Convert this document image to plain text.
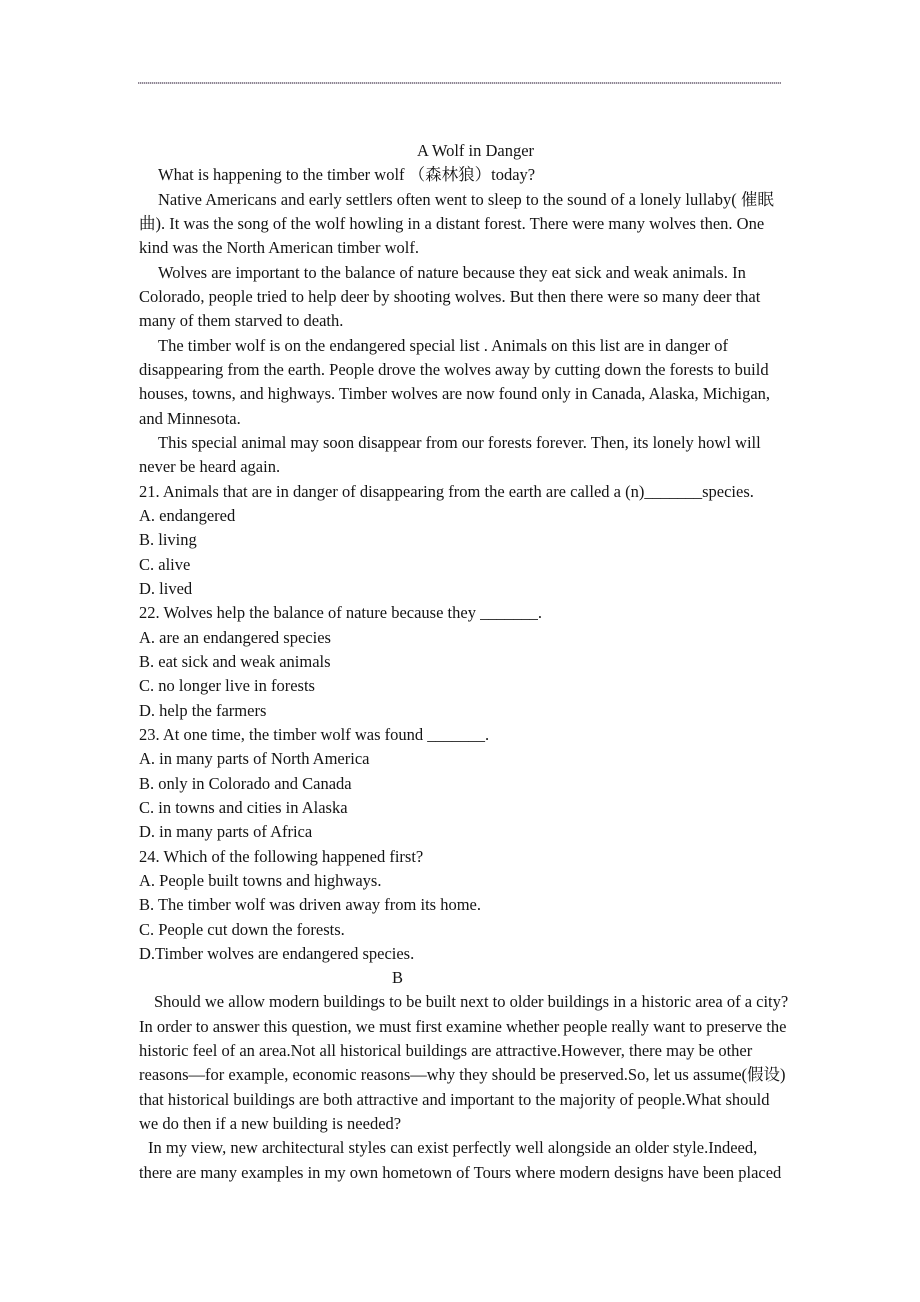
A Wolf in Danger
What is happening to the timber wolf （森林狼）today?
Native Americans and early settlers often went to sleep to the sound of a lonely lullaby( 催眠
曲). It was the song of the wolf howling in a distant forest. There were many wolves then. One
kind was the North American timber wolf.
Wolves are important to the balance of nature because they eat sick and weak animals. In
Colorado, people tried to help deer by shooting wolves. But then there were so many deer that
many of them starved to death.
The timber wolf is on the endangered special list . Animals on this list are in danger of
disappearing from the earth. People drove the wolves away by cutting down the forests to build
houses, towns, and highways. Timber wolves are now found only in Canada, Alaska, Michigan,
and Minnesota.
This special animal may soon disappear from our forests forever. Then, its lonely howl will
never be heard again.
21. Animals that are in danger of disappearing from the earth are called a (n)_______species.
A. endangered
B. living
C. alive
D. lived
22. Wolves help the balance of nature because they _______.
A. are an endangered species
B. eat sick and weak animals
C. no longer live in forests
D. help the farmers
23. At one time, the timber wolf was found _______.
A. in many parts of North America
B. only in Colorado and Canada
C. in towns and cities in Alaska
D. in many parts of Africa
24. Which of the following happened first?
A. People built towns and highways.
B. The timber wolf was driven away from its home.
C. People cut down the forests.
D.Timber wolves are endangered species.
B
Should we allow modern buildings to be built next to older buildings in a historic area of a city?
In order to answer this question, we must first examine whether people really want to preserve the
historic feel of an area.Not all historical buildings are attractive.However, there may be other
reasons—for example, economic reasons—why they should be preserved.So, let us assume(假设)
that historical buildings are both attractive and important to the majority of people.What should
we do then if a new building is needed?
In my view, new architectural styles can exist perfectly well alongside an older style.Indeed,
there are many examples in my own hometown of Tours where modern designs have been placed
